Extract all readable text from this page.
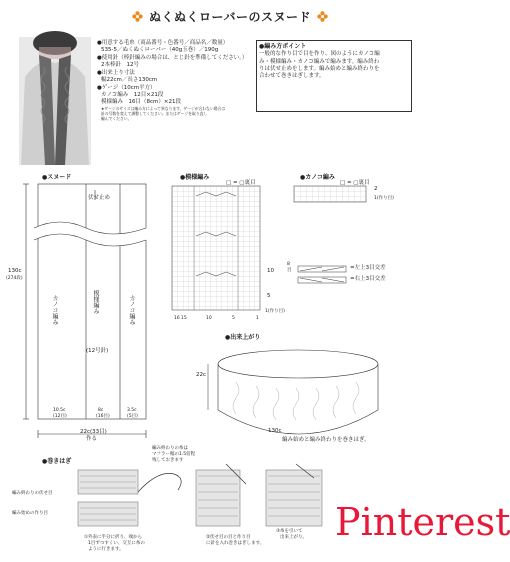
ぬくぬくローバーのスヌード
●用意する毛糸（商品番号・色番号／商品名／数量）
535-5／ぬくぬくローバー（40g玉巻）／190g
●使用針（棒針編みの場合は、とじ針を準備してください。）
2本棒針　12号
●出来上り寸法
幅22cm／長さ130cm
●ゲージ（10cm平方）
カノコ編み　12目×21段
模様編み　16目（8cm）×21段
★ゲージのサイズは編み方によって異なります。ゲージが合わない場合は
針の号数を変えて調整してください。またはゲージを取り直し
編んでください。
●編み方ポイント
一般的な作り目で目を作り、図のようにカノコ編
み・模様編み・カノコ編みで編みます。編み終わ
りは伏せ止めをします。編み始めと編み終わりを
合わせて巻きはぎします。
●スヌード
伏せ止め
130c
(274段)
カノコ編み	模様編み
(12号針)
カノコ編み
10.5c
(12目)
8c
(16目)
3.5c
(5目)
22c(33目)
作る
●模様編み
□ = ▢裏目
10
5
1(作り目)
8
目
16 15	10	5	1
=左上3目交差
=右上3目交差
●カノコ編み
□ = ▢裏目
2
1(作り目)
●出来上がり
22c
130c
編み始めと編み終わりを巻きはぎ。
●巻きはぎ
編み終わりの伏せ目
編み始めの作り目
編み終わりの糸は
マフラー幅の1.5倍程
残しておきます
①外表に半分に折り、端から
1目ずつすくい、交互に糸の
ように行きます。
②伏せ目の目と作り目
に針を入れ巻きはぎします。
③糸を引いて
出来上がり。 Pinterest
